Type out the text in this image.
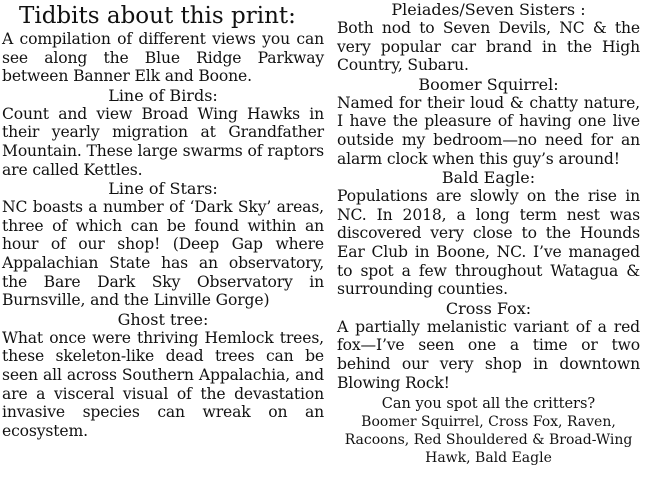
Tidbits about this print:
A compilation of different views you can see along the Blue Ridge Parkway between Banner Elk and Boone.
Line of Birds:
Count and view Broad Wing Hawks in their yearly migration at Grandfather Mountain. These large swarms of raptors are called Kettles.
Line of Stars:
NC boasts a number of ‘Dark Sky’ areas, three of which can be found within an hour of our shop! (Deep Gap where Appalachian State has an observatory, the Bare Dark Sky Observatory in Burnsville, and the Linville Gorge)
Ghost tree:
What once were thriving Hemlock trees, these skeleton-like dead trees can be seen all across Southern Appalachia, and are a visceral visual of the devastation invasive species can wreak on an ecosystem.
Pleiades/Seven Sisters :
Both nod to Seven Devils, NC & the very popular car brand in the High Country, Subaru.
Boomer Squirrel:
Named for their loud & chatty nature, I have the pleasure of having one live outside my bedroom—no need for an alarm clock when this guy’s around!
Bald Eagle:
Populations are slowly on the rise in NC. In 2018, a long term nest was discovered very close to the Hounds Ear Club in Boone, NC. I’ve managed to spot a few throughout Watagua & surrounding counties.
Cross Fox:
A partially melanistic variant of a red fox—I’ve seen one a time or two behind our very shop in downtown Blowing Rock!
Can you spot all the critters?
Boomer Squirrel, Cross Fox, Raven, Racoons, Red Shouldered & Broad-Wing Hawk, Bald Eagle
